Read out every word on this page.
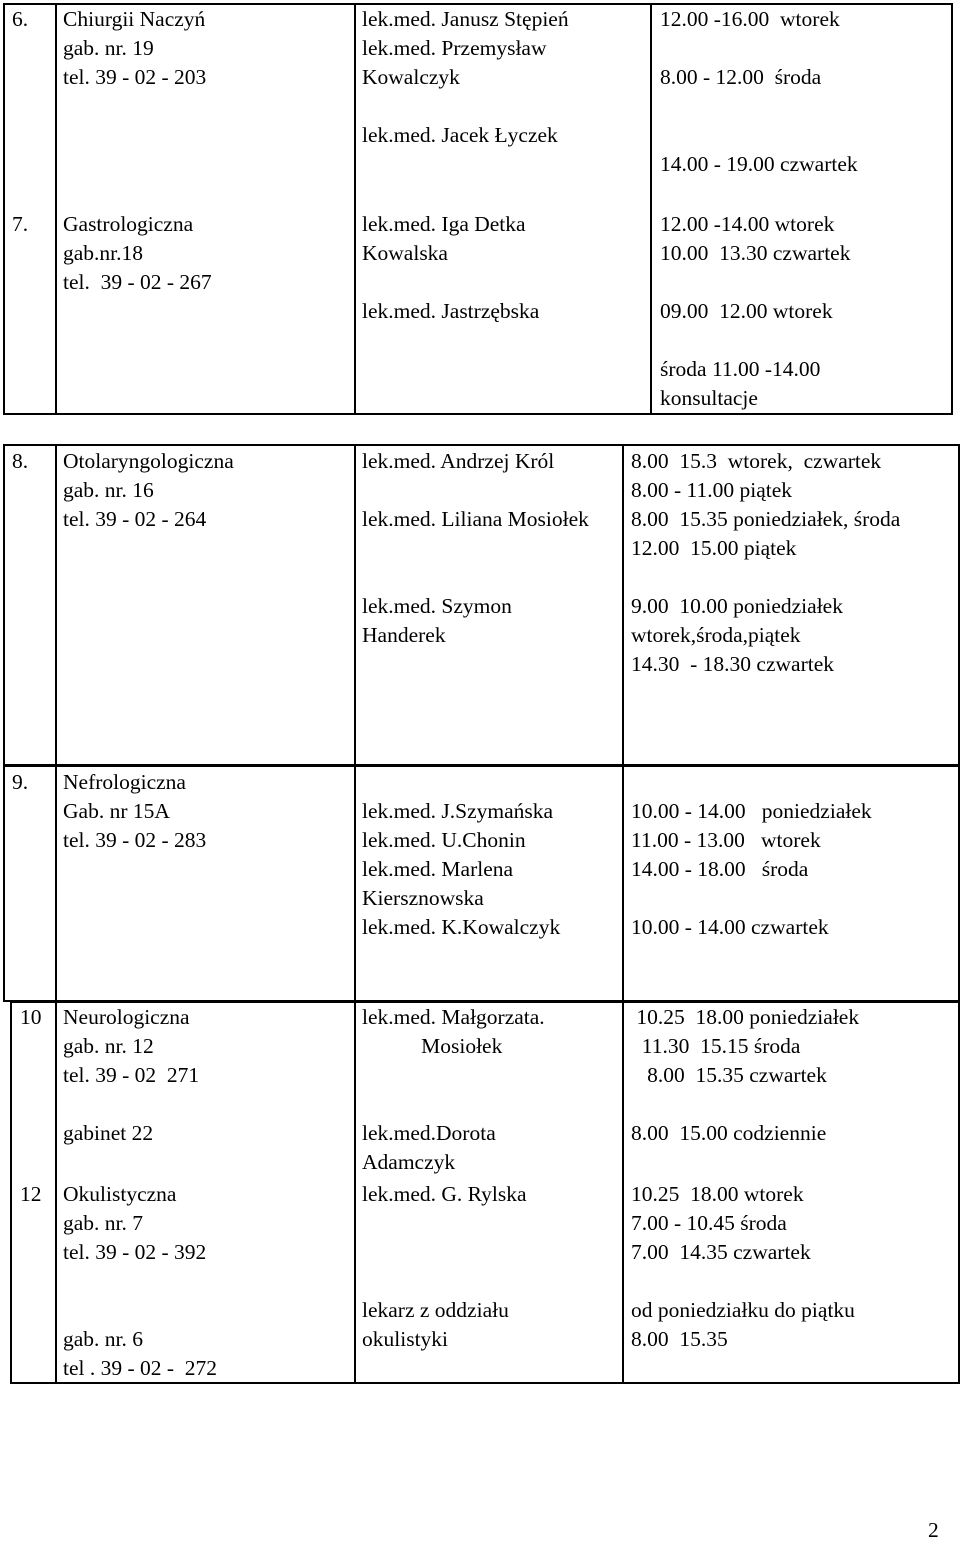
6. Chiurgii Naczyń
gab. nr. 19
tel. 39 - 02 - 203
lek.med. Janusz Stępień
lek.med. Przemysław
Kowalczyk
lek.med. Jacek Łyczek
12.00 -16.00  wtorek
8.00 - 12.00  środa
14.00 - 19.00 czwartek
7. Gastrologiczna
gab.nr.18
tel.  39 - 02 - 267
lek.med. Iga Detka
Kowalska
lek.med. Jastrzębska
12.00 -14.00 wtorek
10.00  13.30 czwartek
09.00  12.00 wtorek
środa 11.00 -14.00
konsultacje
8. Otolaryngologiczna
gab. nr. 16
tel. 39 - 02 - 264
lek.med. Andrzej Król
lek.med. Liliana Mosiołek
lek.med. Szymon
Handerek
8.00  15.3  wtorek,  czwartek
8.00 - 11.00 piątek
8.00  15.35 poniedziałek, środa
12.00  15.00 piątek
9.00  10.00 poniedziałek
wtorek,środa,piątek
14.30  - 18.30 czwartek
9. Nefrologiczna
Gab. nr 15A
tel. 39 - 02 - 283
lek.med. J.Szymańska
lek.med. U.Chonin
lek.med. Marlena
Kiersznowska
lek.med. K.Kowalczyk
10.00 - 14.00   poniedziałek
11.00 - 13.00   wtorek
14.00 - 18.00   środa
10.00 - 14.00 czwartek
10 Neurologiczna
gab. nr. 12
tel. 39 - 02  271
gabinet 22
lek.med. Małgorzata.
Mosiołek
lek.med.Dorota
Adamczyk
10.25  18.00 poniedziałek
11.30  15.15 środa
8.00  15.35 czwartek
8.00  15.00 codziennie
12 Okulistyczna
gab. nr. 7
tel. 39 - 02 - 392
gab. nr. 6
tel . 39 - 02 -  272
lek.med. G. Rylska
lekarz z oddziału
okulistyki
10.25  18.00 wtorek
7.00 - 10.45 środa
7.00  14.35 czwartek
od poniedziałku do piątku
8.00  15.35
2
